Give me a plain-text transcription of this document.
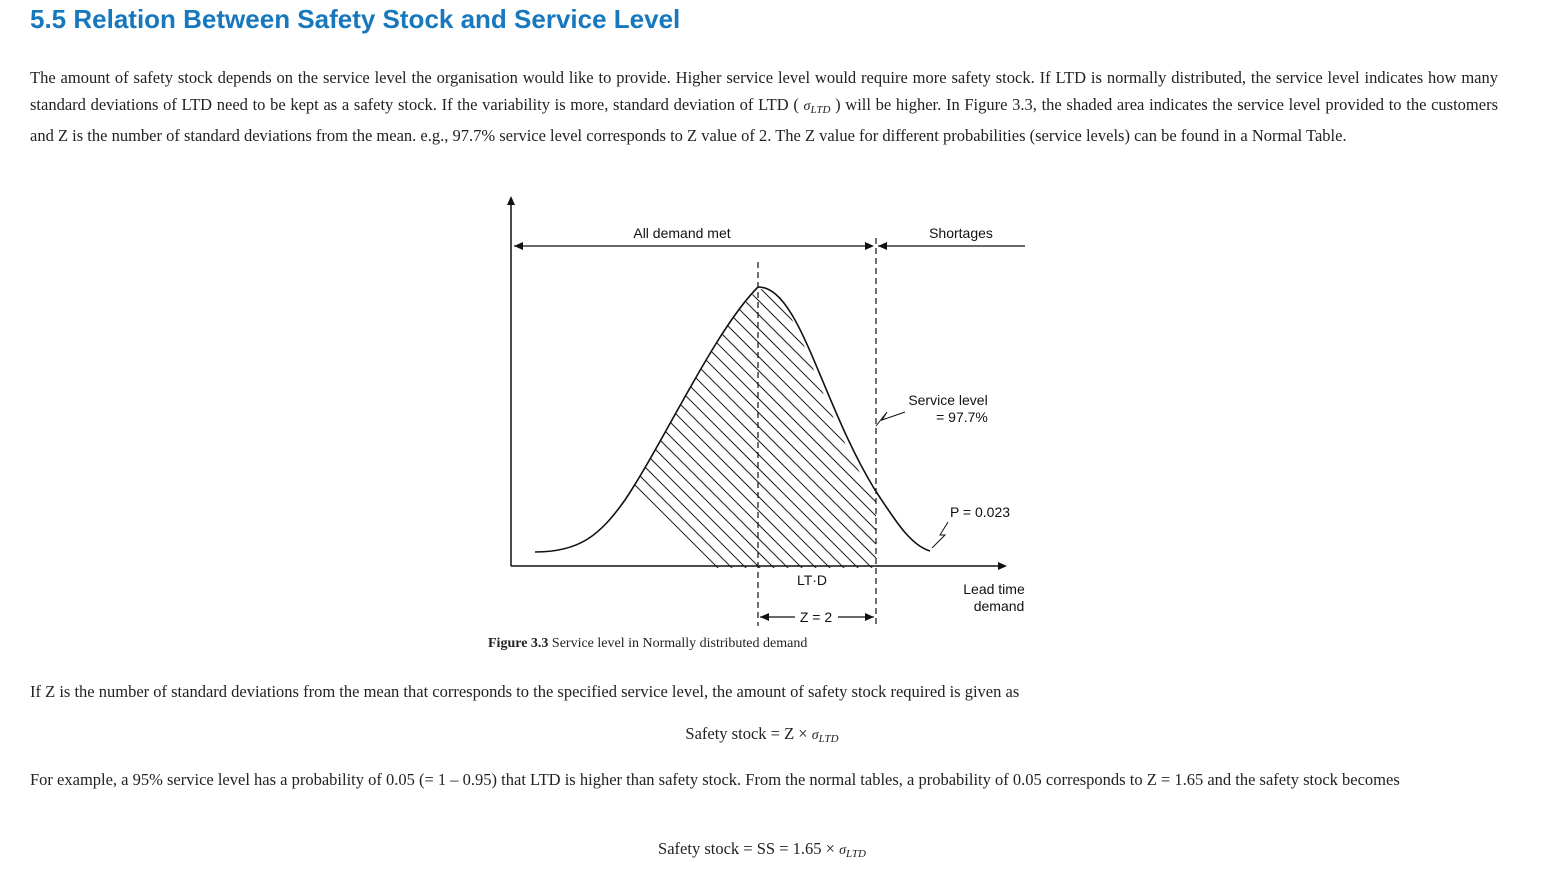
5.5 Relation Between Safety Stock and Service Level

The amount of safety stock depends on the service level the organisation would like to provide. Higher service level would require more safety stock. If LTD is normally distributed, the service level indicates how many standard deviations of LTD need to be kept as a safety stock. If the variability is more, standard deviation of LTD ( $\sigma_{LTD}$ ) will be higher. In Figure 3.3, the shaded area indicates the service level provided to the customers and Z is the number of standard deviations from the mean. e.g., 97.7% service level corresponds to Z value of 2. The Z value for different probabilities (service levels) can be found in a Normal Table.

All demand met	Shortages
Service level
= 97.7%
P = 0.023
LT·D
Lead time
demand
Z = 2

Figure 3.3 Service level in Normally distributed demand

If Z is the number of standard deviations from the mean that corresponds to the specified service level, the amount of safety stock required is given as

Safety stock = $Z \times \sigma_{LTD}$

For example, a 95% service level has a probability of 0.05 (= 1 – 0.95) that LTD is higher than safety stock. From the normal tables, a probability of 0.05 corresponds to Z = 1.65 and the safety stock becomes

Safety stock = SS = $1.65 \times \sigma_{LTD}$
